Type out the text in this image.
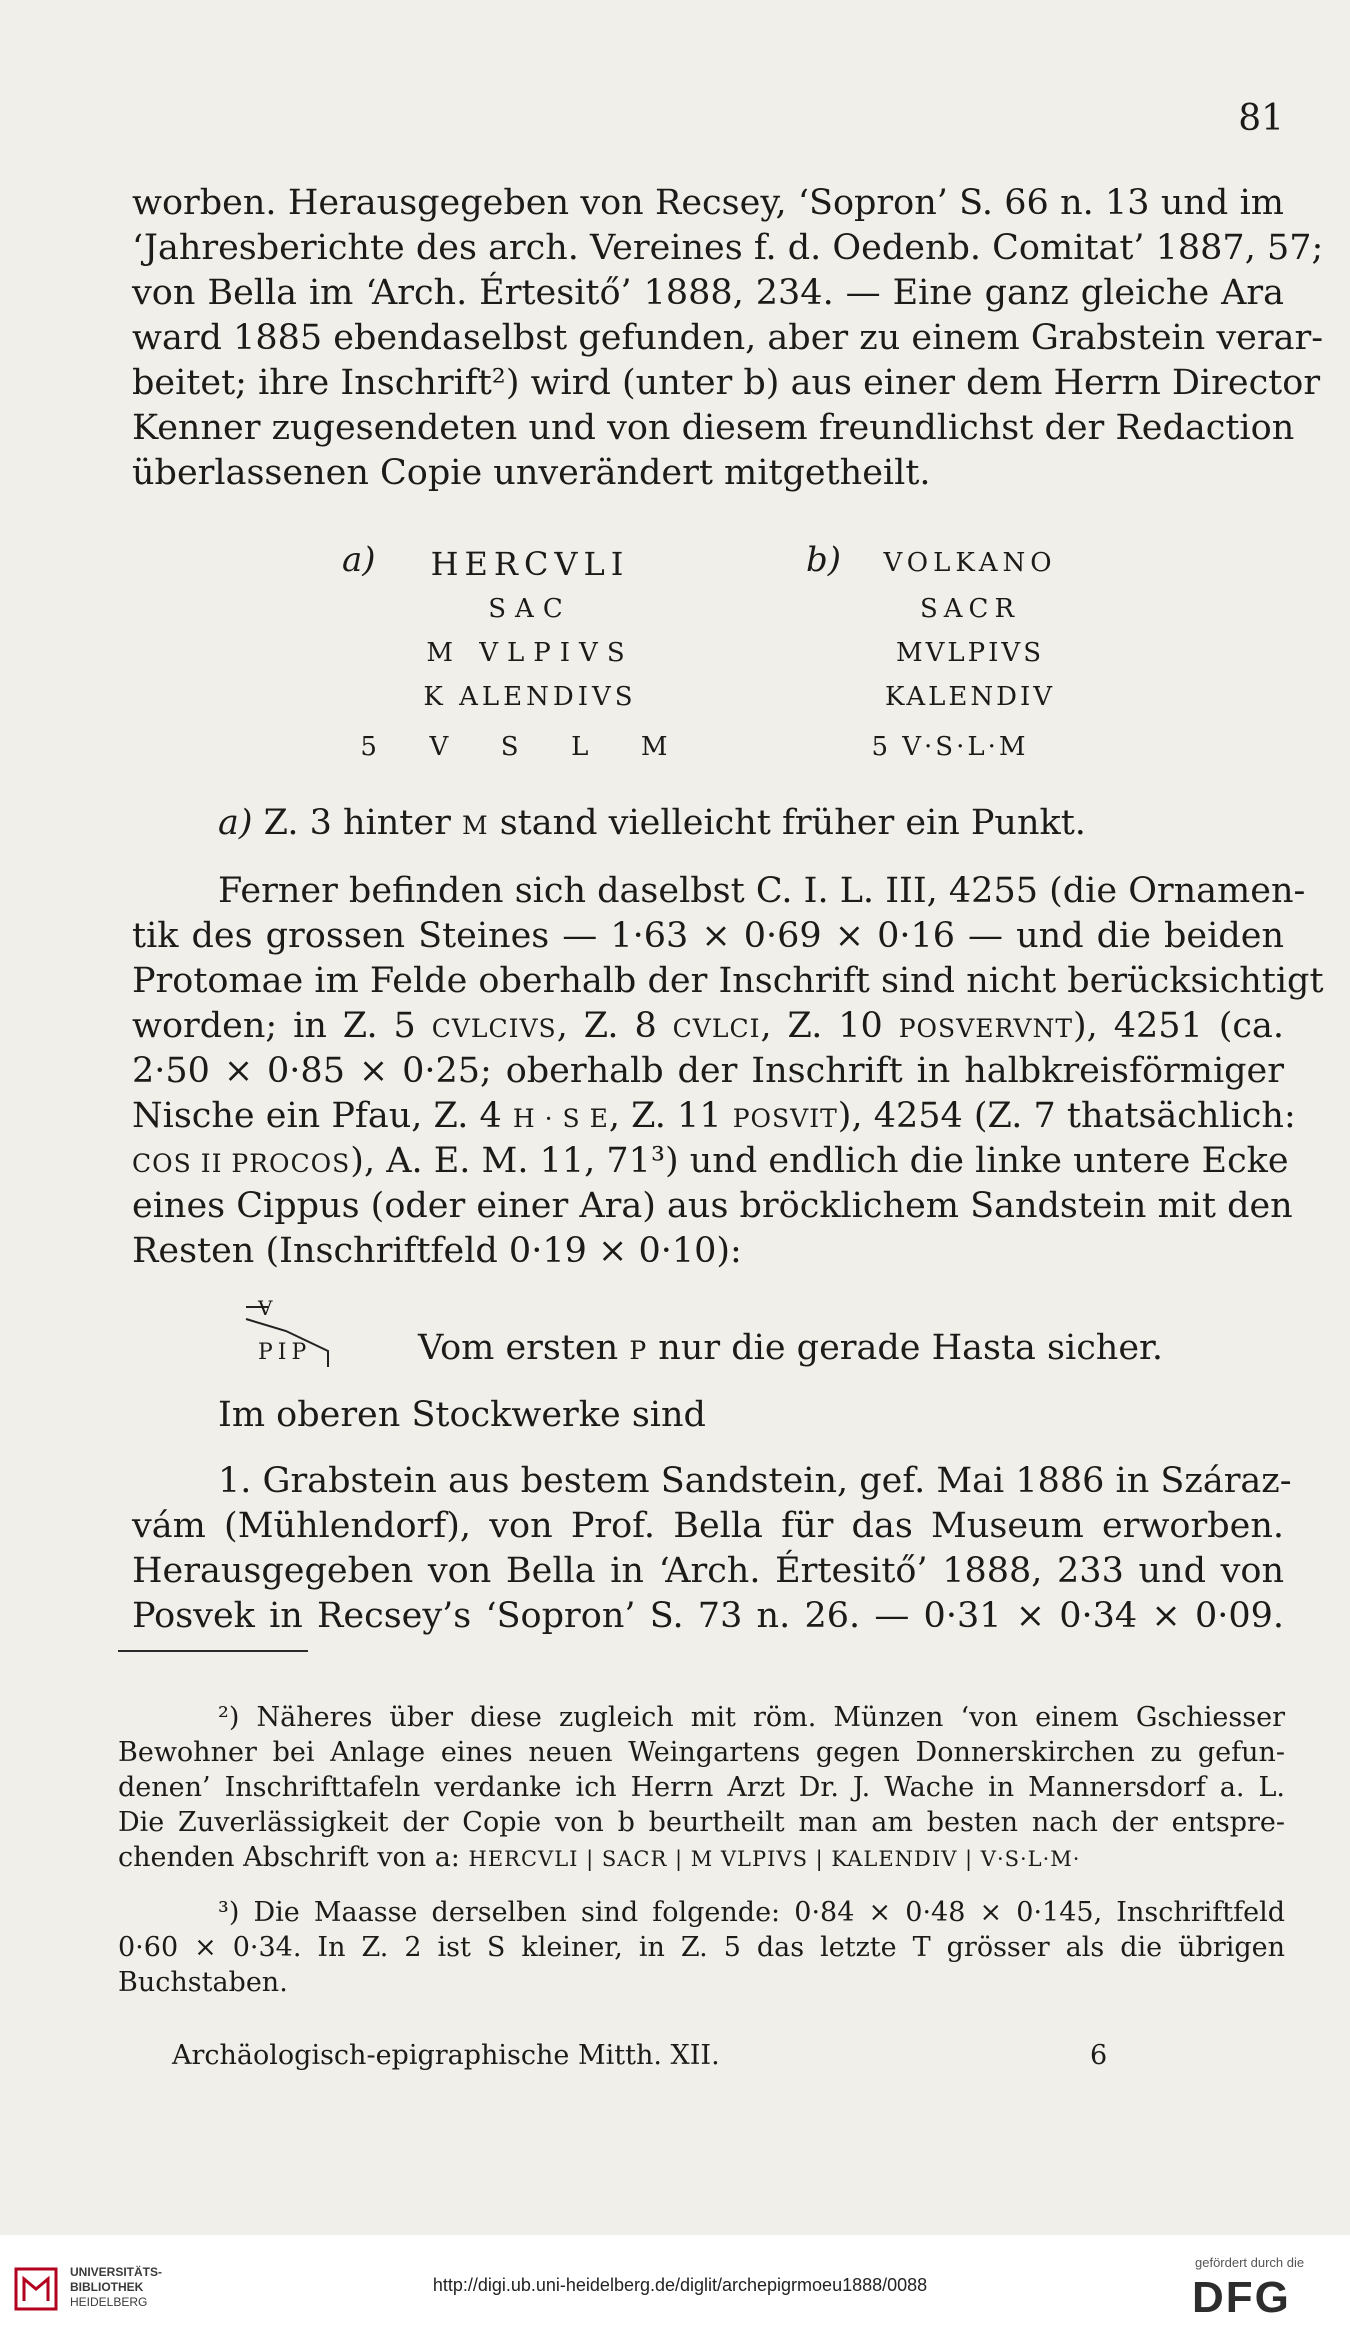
81
worben. Herausgegeben von Recsey, ‘Sopron’ S. 66 n. 13 und im
‘Jahresberichte des arch. Vereines f. d. Oedenb. Comitat’ 1887, 57;
von Bella im ‘Arch. Értesitő’ 1888, 234. — Eine ganz gleiche Ara
ward 1885 ebendaselbst gefunden, aber zu einem Grabstein verar-
beitet; ihre Inschrift²) wird (unter b) aus einer dem Herrn Director
Kenner zugesendeten und von diesem freundlichst der Redaction
überlassenen Copie unverändert mitgetheilt.
a)	HERCVLI
SAC
M VLPIVS
K ALENDIVS
5  V  S  L  M
b) VOLKANO
SACR
MVLPIVS
KALENDIV
5 V·S·L·M
a) Z. 3 hinter M stand vielleicht früher ein Punkt.
Ferner befinden sich daselbst C. I. L. III, 4255 (die Ornamen-
tik des grossen Steines — 1·63 × 0·69 × 0·16 — und die beiden
Protomae im Felde oberhalb der Inschrift sind nicht berücksichtigt
worden; in Z. 5 CVLCIVS, Z. 8 CVLCI, Z. 10 POSVERVNT), 4251 (ca.
2·50 × 0·85 × 0·25; oberhalb der Inschrift in halbkreisförmiger
Nische ein Pfau, Z. 4 H · S E, Z. 11 POSVIT), 4254 (Z. 7 thatsächlich:
COS II PROCOS), A. E. M. 11, 71³) und endlich die linke untere Ecke
eines Cippus (oder einer Ara) aus bröcklichem Sandstein mit den
Resten (Inschriftfeld 0·19 × 0·10):
V
PIP	Vom ersten P nur die gerade Hasta sicher.
Im oberen Stockwerke sind
1. Grabstein aus bestem Sandstein, gef. Mai 1886 in Száraz-
vám (Mühlendorf), von Prof. Bella für das Museum erworben.
Herausgegeben von Bella in ‘Arch. Értesitő’ 1888, 233 und von
Posvek in Recsey’s ‘Sopron’ S. 73 n. 26. — 0·31 × 0·34 × 0·09.
²) Näheres über diese zugleich mit röm. Münzen ‘von einem Gschiesser
Bewohner bei Anlage eines neuen Weingartens gegen Donnerskirchen zu gefun-
denen’ Inschrifttafeln verdanke ich Herrn Arzt Dr. J. Wache in Mannersdorf a. L.
Die Zuverlässigkeit der Copie von b beurtheilt man am besten nach der entspre-
chenden Abschrift von a: HERCVLI | SACR | M VLPIVS | KALENDIV | V·S·L·M·
³) Die Maasse derselben sind folgende: 0·84 × 0·48 × 0·145, Inschriftfeld
0·60 × 0·34. In Z. 2 ist S kleiner, in Z. 5 das letzte T grösser als die übrigen
Buchstaben.
Archäologisch-epigraphische Mitth. XII.	6
UNIVERSITÄTS-
BIBLIOTHEK
HEIDELBERG
http://digi.ub.uni-heidelberg.de/diglit/archepigrmoeu1888/0088
gefördert durch die
DFG
